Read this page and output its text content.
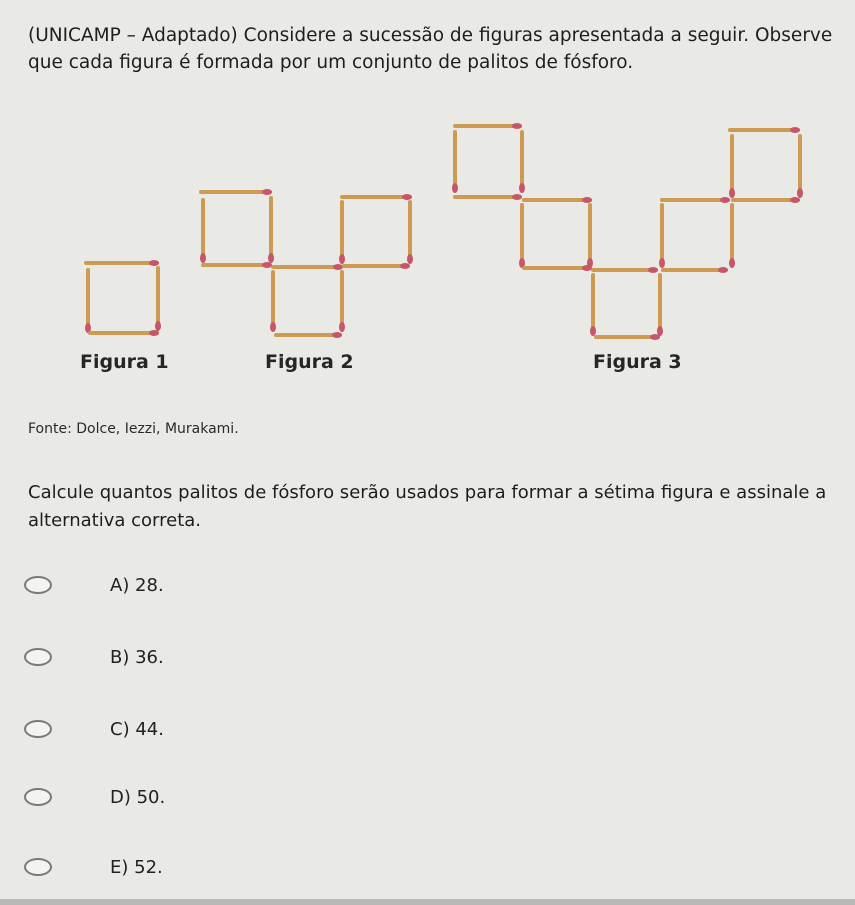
(UNICAMP – Adaptado) Considere a sucessão de figuras apresentada a seguir. Observe que cada figura é formada por um conjunto de palitos de fósforo.

Figura 1	Figura 2	Figura 3
Fonte: Dolce, Iezzi, Murakami.

Calcule quantos palitos de fósforo serão usados para formar a sétima figura e assinale a alternativa correta.

A) 28.
B) 36.
C) 44.
D) 50.
E) 52.
